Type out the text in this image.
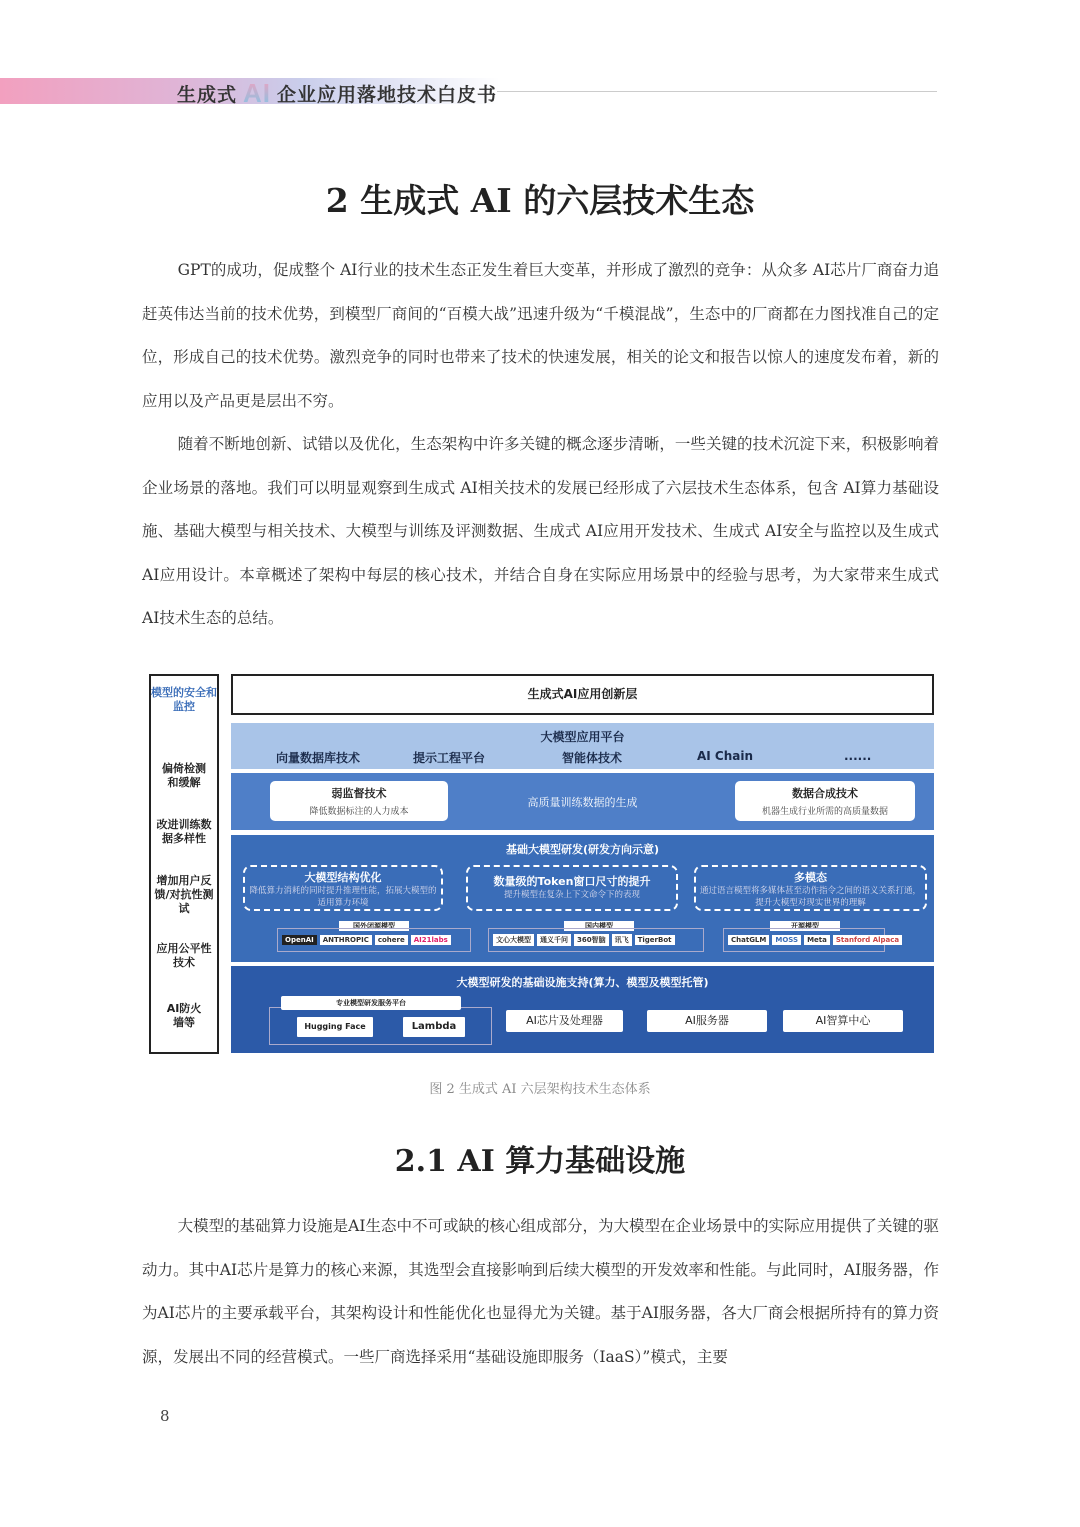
生成式 AI 企业应用落地技术白皮书
2 生成式 AI 的六层技术生态

GPT的成功，促成整个 AI行业的技术生态正发生着巨大变革，并形成了激烈的竞争：从众多 AI芯片厂商奋力追赶英伟达当前的技术优势，到模型厂商间的“百模大战”迅速升级为“千模混战”，生态中的厂商都在力图找准自己的定位，形成自己的技术优势。激烈竞争的同时也带来了技术的快速发展，相关的论文和报告以惊人的速度发布着，新的应用以及产品更是层出不穷。

随着不断地创新、试错以及优化，生态架构中许多关键的概念逐步清晰，一些关键的技术沉淀下来，积极影响着企业场景的落地。我们可以明显观察到生成式 AI相关技术的发展已经形成了六层技术生态体系，包含 AI算力基础设施、基础大模型与相关技术、大模型与训练及评测数据、生成式 AI应用开发技术、生成式 AI安全与监控以及生成式 AI应用设计。本章概述了架构中每层的核心技术，并结合自身在实际应用场景中的经验与思考，为大家带来生成式 AI技术生态的总结。

模型的安全和监控
偏倚检测和缓解
改进训练数据多样性
增加用户反馈/对抗性测试
应用公平性技术
AI防火墙等
生成式AI应用创新层
大模型应用平台
向量数据库技术	提示工程平台	智能体技术	AI Chain	......
弱监督技术
降低数据标注的人力成本
高质量训练数据的生成
数据合成技术
机器生成行业所需的高质量数据
基础大模型研发(研发方向示意)
大模型结构优化
降低算力消耗的同时提升推理性能，拓展大模型的适用算力环境
数量级的Token窗口尺寸的提升
提升模型在复杂上下文命令下的表现
多模态
通过语言模型将多媒体甚至动作指令之间的语义关系打通，提升大模型对现实世界的理解
国外闭源模型
OpenAI	ANTHROPIC	cohere	AI21labs
国内模型
文心大模型	通义千问	360智脑	讯飞	TigerBot
开源模型
ChatGLM	MOSS	Meta	Stanford Alpaca
大模型研发的基础设施支持(算力、模型及模型托管)
专业模型研发服务平台
Hugging Face	Lambda	AI芯片及处理器	AI服务器	AI智算中心
图 2 生成式 AI 六层架构技术生态体系
2.1 AI 算力基础设施

大模型的基础算力设施是AI生态中不可或缺的核心组成部分，为大模型在企业场景中的实际应用提供了关键的驱动力。其中AI芯片是算力的核心来源，其选型会直接影响到后续大模型的开发效率和性能。与此同时，AI服务器，作为AI芯片的主要承载平台，其架构设计和性能优化也显得尤为关键。基于AI服务器，各大厂商会根据所持有的算力资源，发展出不同的经营模式。一些厂商选择采用“基础设施即服务（IaaS）”模式，主要

8
